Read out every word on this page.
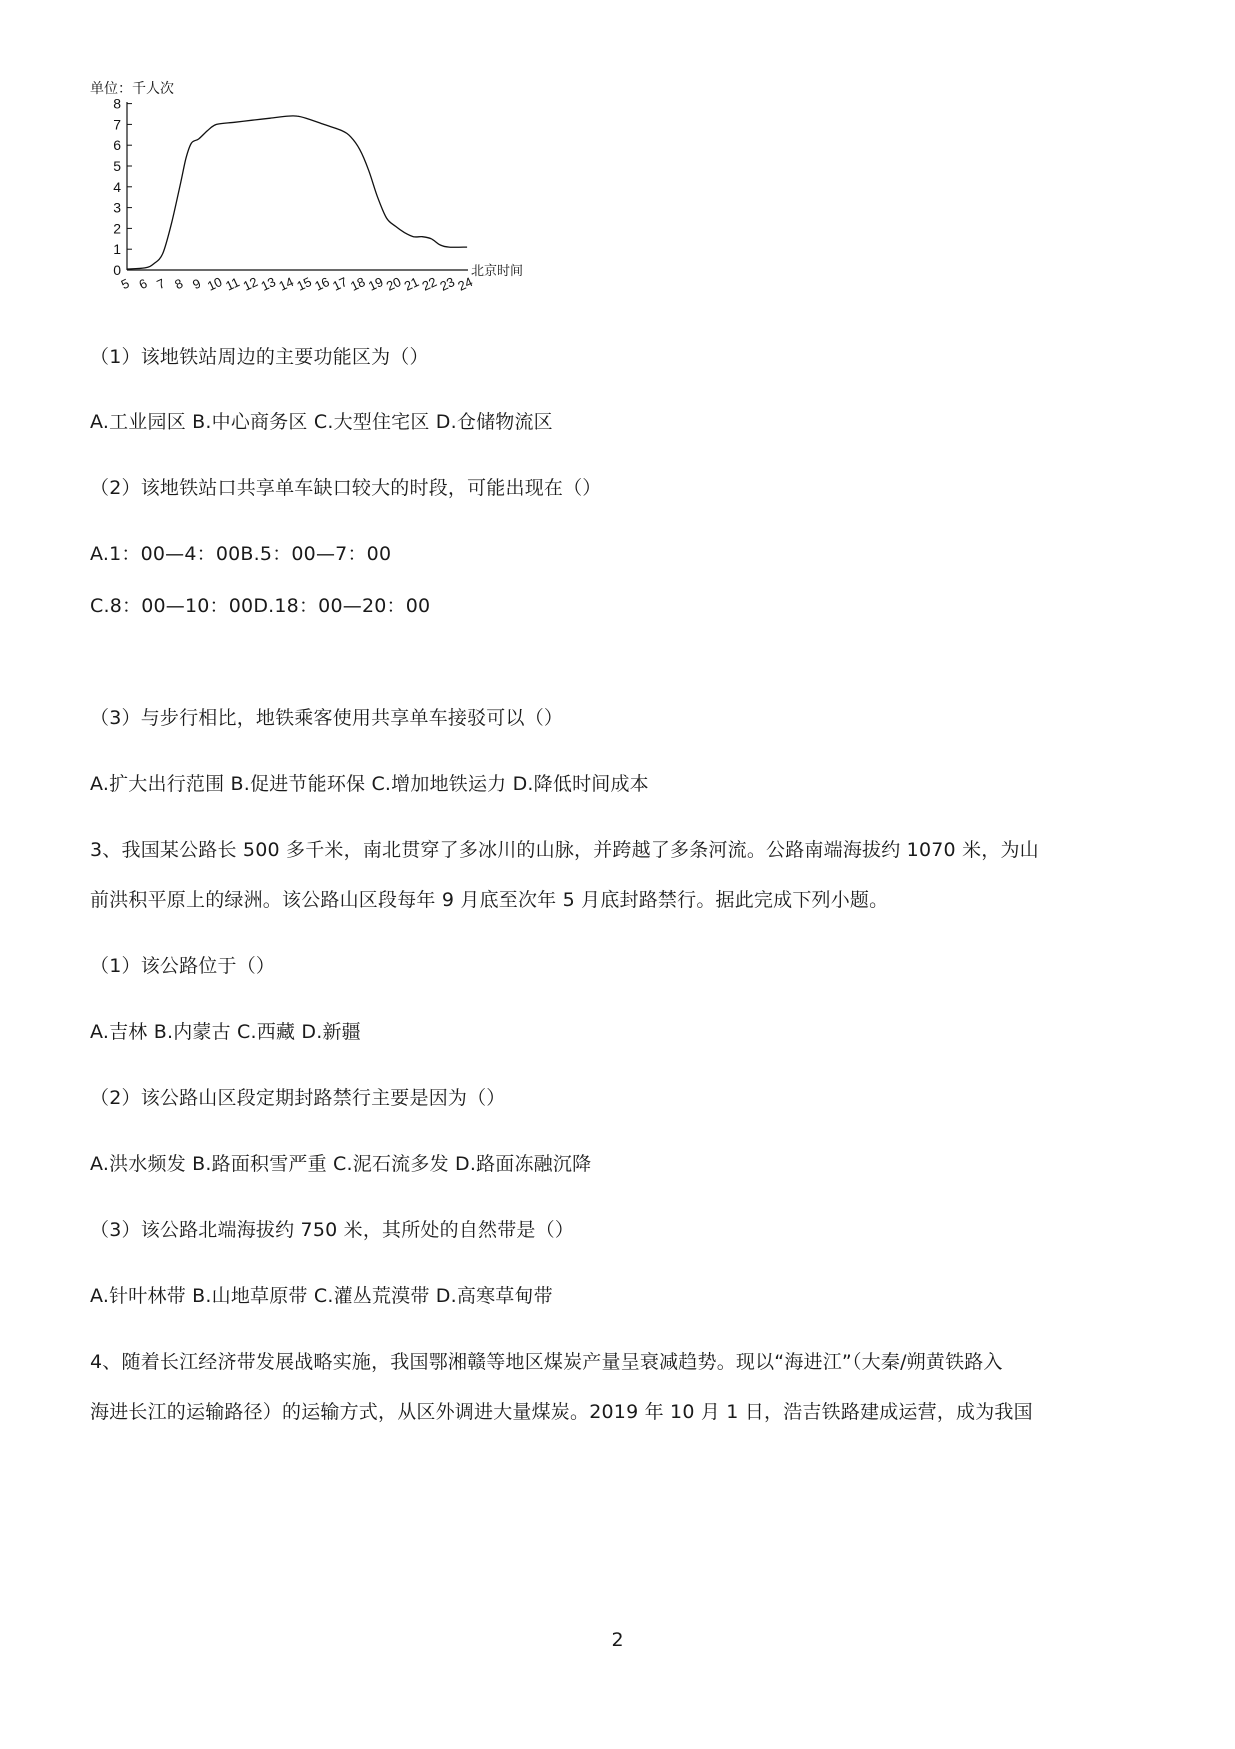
单位：千人次
0
1
2
3
4
5
6
7
8
5 6 7 8 9 10
11
12
13
14
15
16
17
18
19
20
21
22
23
24
北京时间

（1）该地铁站周边的主要功能区为（）

A.工业园区 B.中心商务区 C.大型住宅区 D.仓储物流区

（2）该地铁站口共享单车缺口较大的时段，可能出现在（）

A.1：00—4：00B.5：00—7：00

C.8：00—10：00D.18：00—20：00

（3）与步行相比，地铁乘客使用共享单车接驳可以（）

A.扩大出行范围 B.促进节能环保 C.增加地铁运力 D.降低时间成本

3、我国某公路长 500 多千米，南北贯穿了多冰川的山脉，并跨越了多条河流。公路南端海拔约 1070 米，为山

前洪积平原上的绿洲。该公路山区段每年 9 月底至次年 5 月底封路禁行。据此完成下列小题。

（1）该公路位于（）

A.吉林 B.内蒙古 C.西藏 D.新疆

（2）该公路山区段定期封路禁行主要是因为（）

A.洪水频发 B.路面积雪严重 C.泥石流多发 D.路面冻融沉降

（3）该公路北端海拔约 750 米，其所处的自然带是（）

A.针叶林带 B.山地草原带 C.灌丛荒漠带 D.高寒草甸带

4、随着长江经济带发展战略实施，我国鄂湘赣等地区煤炭产量呈衰减趋势。现以“海进江”（大秦/朔黄铁路入

海进长江的运输路径）的运输方式，从区外调进大量煤炭。2019 年 10 月 1 日，浩吉铁路建成运营，成为我国

2
